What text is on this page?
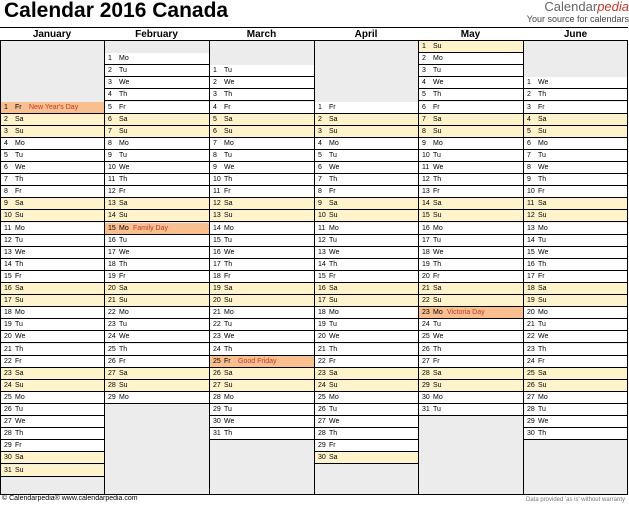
Calendar 2016 Canada	Calendarpedia
Your source for calendars
January	February	March	April	May	June
1 Fr New Year's Day
2 Sa
3 Su
4 Mo
5 Tu
6 We
7 Th
8 Fr
9 Sa
10 Su
11 Mo
12 Tu
13 We
14 Th
15 Fr
16 Sa
17 Su
18 Mo
19 Tu
20 We
21 Th
22 Fr
23 Sa
24 Su
25 Mo
26 Tu
27 We
28 Th
29 Fr
30 Sa
31 Su
1 Mo
2 Tu
3 We
4 Th
5 Fr
6 Sa
7 Su
8 Mo
9 Tu
10 We
11 Th
12 Fr
13 Sa
14 Su
15 Mo Family Day
16 Tu
17 We
18 Th
19 Fr
20 Sa
21 Su
22 Mo
23 Tu
24 We
25 Th
26 Fr
27 Sa
28 Su
29 Mo
1 Tu
2 We
3 Th
4 Fr
5 Sa
6 Su
7 Mo
8 Tu
9 We
10 Th
11 Fr
12 Sa
13 Su
14 Mo
15 Tu
16 We
17 Th
18 Fr
19 Sa
20 Su
21 Mo
22 Tu
23 We
24 Th
25 Fr Good Friday
26 Sa
27 Su
28 Mo
29 Tu
30 We
31 Th
1 Fr
2 Sa
3 Su
4 Mo
5 Tu
6 We
7 Th
8 Fr
9 Sa
10 Su
11 Mo
12 Tu
13 We
14 Th
15 Fr
16 Sa
17 Su
18 Mo
19 Tu
20 We
21 Th
22 Fr
23 Sa
24 Su
25 Mo
26 Tu
27 We
28 Th
29 Fr
30 Sa
1 Su
2 Mo
3 Tu
4 We
5 Th
6 Fr
7 Sa
8 Su
9 Mo
10 Tu
11 We
12 Th
13 Fr
14 Sa
15 Su
16 Mo
17 Tu
18 We
19 Th
20 Fr
21 Sa
22 Su
23 Mo Victoria Day
24 Tu
25 We
26 Th
27 Fr
28 Sa
29 Su
30 Mo
31 Tu
1 We
2 Th
3 Fr
4 Sa
5 Su
6 Mo
7 Tu
8 We
9 Th
10 Fr
11 Sa
12 Su
13 Mo
14 Tu
15 We
16 Th
17 Fr
18 Sa
19 Su
20 Mo
21 Tu
22 We
23 Th
24 Fr
25 Sa
26 Su
27 Mo
28 Tu
29 We
30 Th
© Calendarpedia® www.calendarpedia.com	Data provided 'as is' without warranty
